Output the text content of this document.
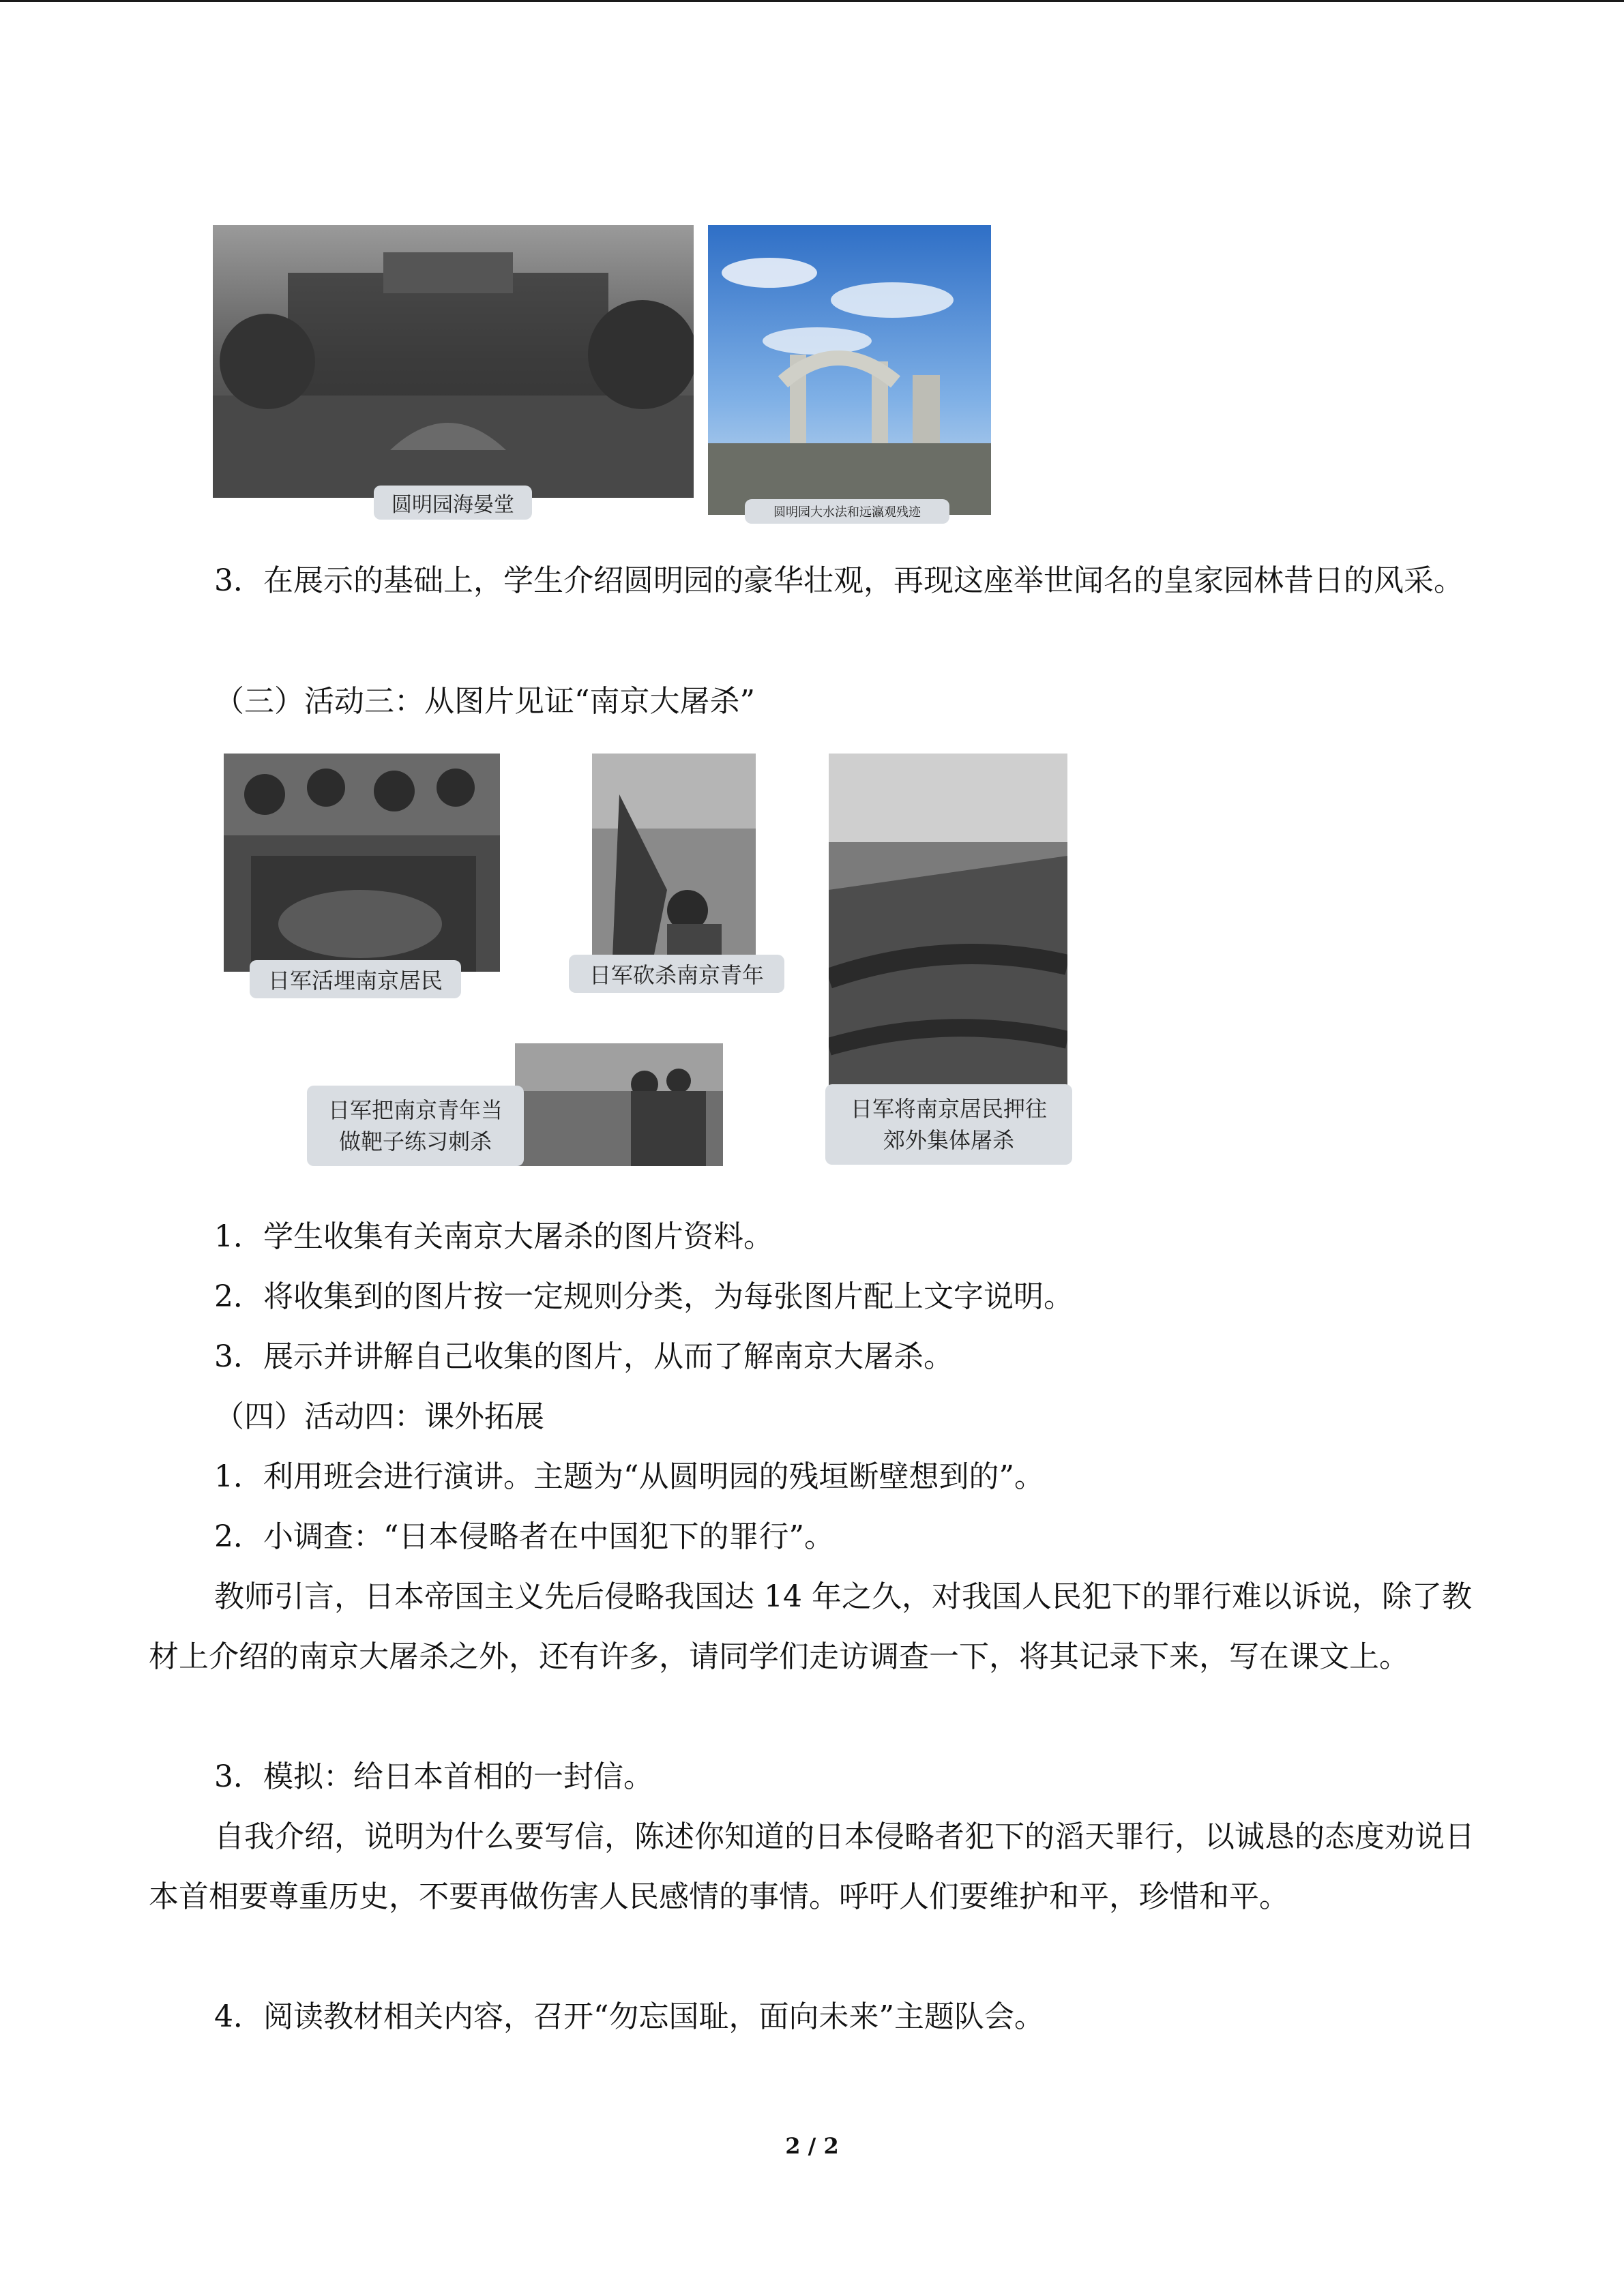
圆明园海晏堂	圆明园大水法和远瀛观残迹

3．在展示的基础上，学生介绍圆明园的豪华壮观，再现这座举世闻名的皇家园林昔日的风采。

（三）活动三：从图片见证“南京大屠杀”

日军活埋南京居民	日军砍杀南京青年
日军将南京居民押往
郊外集体屠杀
日军把南京青年当
做靶子练习刺杀

1．学生收集有关南京大屠杀的图片资料。

2．将收集到的图片按一定规则分类，为每张图片配上文字说明。

3．展示并讲解自己收集的图片，从而了解南京大屠杀。

（四）活动四：课外拓展

1．利用班会进行演讲。主题为“从圆明园的残垣断壁想到的”。

2．小调查：“日本侵略者在中国犯下的罪行”。

教师引言，日本帝国主义先后侵略我国达 14 年之久，对我国人民犯下的罪行难以诉说，除了教材上介绍的南京大屠杀之外，还有许多，请同学们走访调查一下，将其记录下来，写在课文上。

3．模拟：给日本首相的一封信。

自我介绍，说明为什么要写信，陈述你知道的日本侵略者犯下的滔天罪行，以诚恳的态度劝说日本首相要尊重历史，不要再做伤害人民感情的事情。呼吁人们要维护和平，珍惜和平。

4．阅读教材相关内容，召开“勿忘国耻，面向未来”主题队会。

2 / 2
